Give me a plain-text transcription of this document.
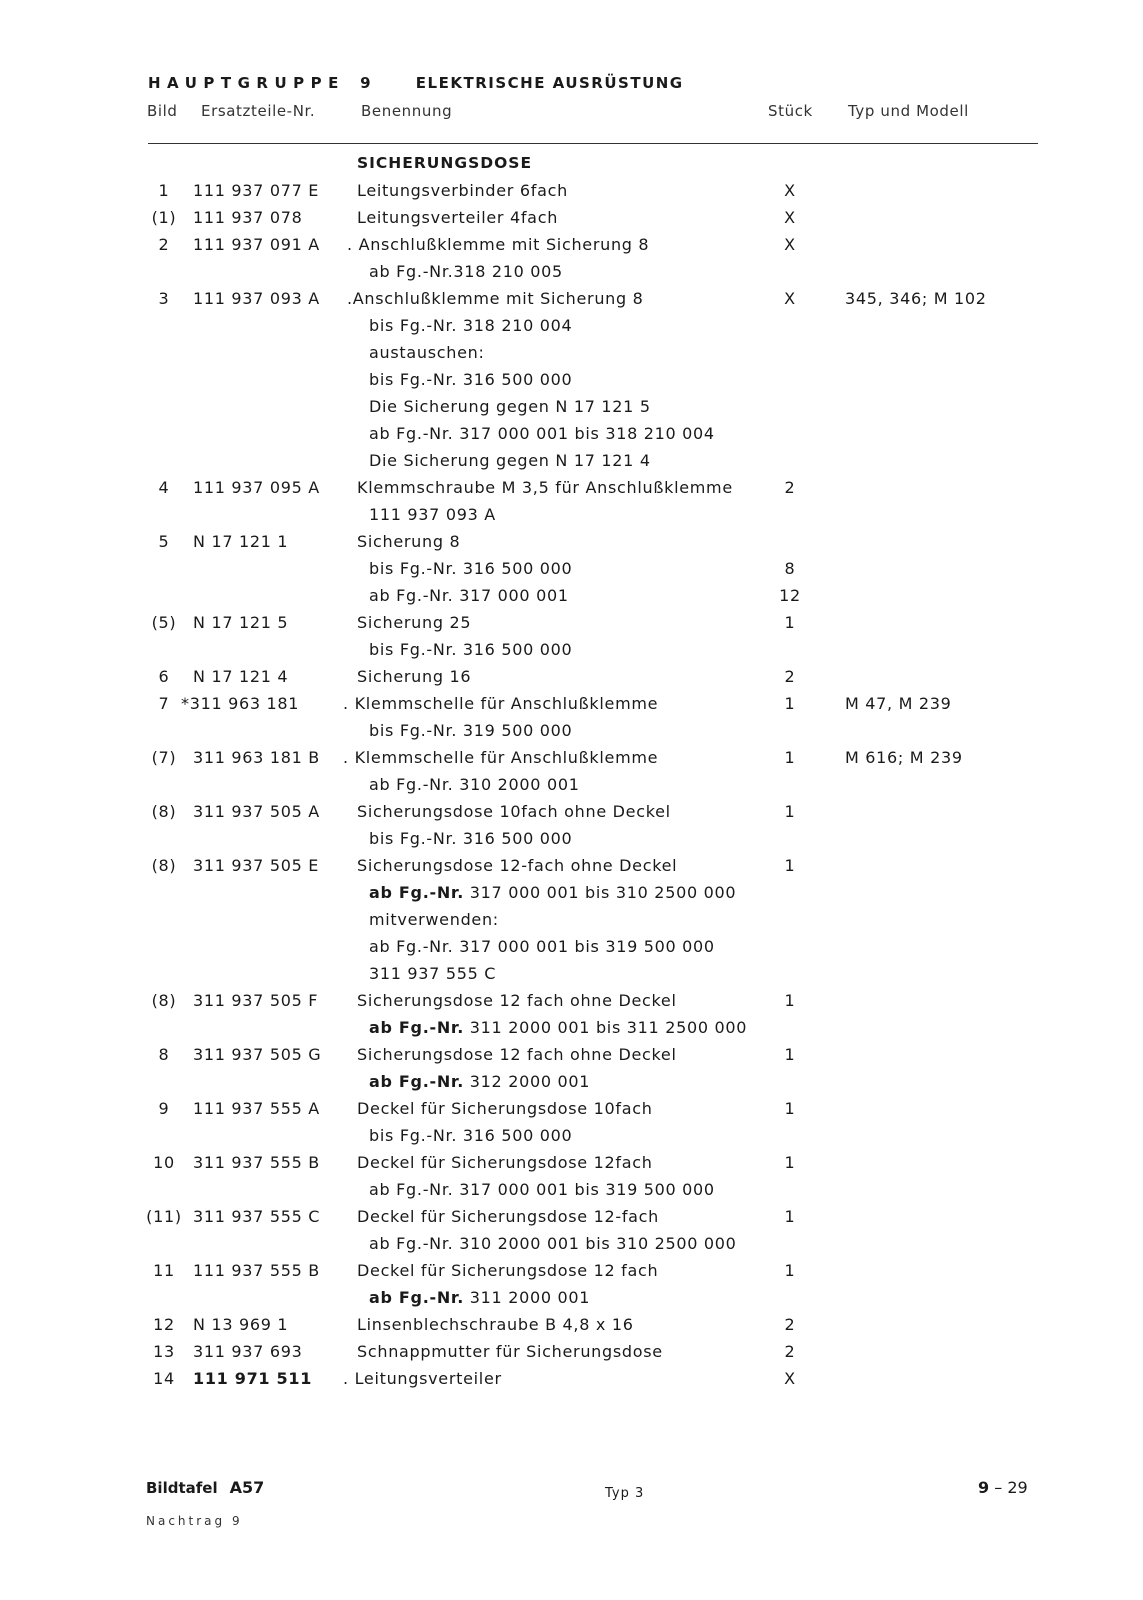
HAUPTGRUPPE 9	ELEKTRISCHE AUSRÜSTUNG
Bild Ersatzteile-Nr.	Benennung	Stück Typ und Modell
SICHERUNGSDOSE
1	111 937 077 E Leitungsverbinder 6fach	X
(1)	111 937 078	Leitungsverteiler 4fach	X
2	111 937 091 A . Anschlußklemme mit Sicherung 8	X
ab Fg.-Nr.318 210 005
3	111 937 093 A .Anschlußklemme mit Sicherung 8	X	345, 346; M 102
bis Fg.-Nr. 318 210 004
austauschen:
bis Fg.-Nr. 316 500 000
Die Sicherung gegen N 17 121 5
ab Fg.-Nr. 317 000 001 bis 318 210 004
Die Sicherung gegen N 17 121 4
4	111 937 095 A Klemmschraube M 3,5 für Anschlußklemme	2
111 937 093 A
5	N 17 121 1	Sicherung 8
bis Fg.-Nr. 316 500 000	8
ab Fg.-Nr. 317 000 001	12
(5)	N 17 121 5	Sicherung 25	1
bis Fg.-Nr. 316 500 000
6	N 17 121 4	Sicherung 16	2
7 *311 963 181	. Klemmschelle für Anschlußklemme	1	M 47, M 239
bis Fg.-Nr. 319 500 000
(7)	311 963 181 B . Klemmschelle für Anschlußklemme	1	M 616; M 239
ab Fg.-Nr. 310 2000 001
(8)	311 937 505 A Sicherungsdose 10fach ohne Deckel	1
bis Fg.-Nr. 316 500 000
(8)	311 937 505 E Sicherungsdose 12-fach ohne Deckel	1
ab Fg.-Nr. 317 000 001 bis 310 2500 000
mitverwenden:
ab Fg.-Nr. 317 000 001 bis 319 500 000
311 937 555 C
(8)	311 937 505 F Sicherungsdose 12 fach ohne Deckel	1
ab Fg.-Nr. 311 2000 001 bis 311 2500 000
8	311 937 505 G Sicherungsdose 12 fach ohne Deckel	1
ab Fg.-Nr. 312 2000 001
9	111 937 555 A Deckel für Sicherungsdose 10fach	1
bis Fg.-Nr. 316 500 000
10	311 937 555 B Deckel für Sicherungsdose 12fach	1
ab Fg.-Nr. 317 000 001 bis 319 500 000
(11) 311 937 555 C Deckel für Sicherungsdose 12-fach	1
ab Fg.-Nr. 310 2000 001 bis 310 2500 000
11	111 937 555 B Deckel für Sicherungsdose 12 fach	1
ab Fg.-Nr. 311 2000 001
12	N 13 969 1	Linsenblechschraube B 4,8 x 16	2
13	311 937 693	Schnappmutter für Sicherungsdose	2
14	111 971 511 . Leitungsverteiler	X
Bildtafel A57	Typ 3	9 – 29
Nachtrag 9
